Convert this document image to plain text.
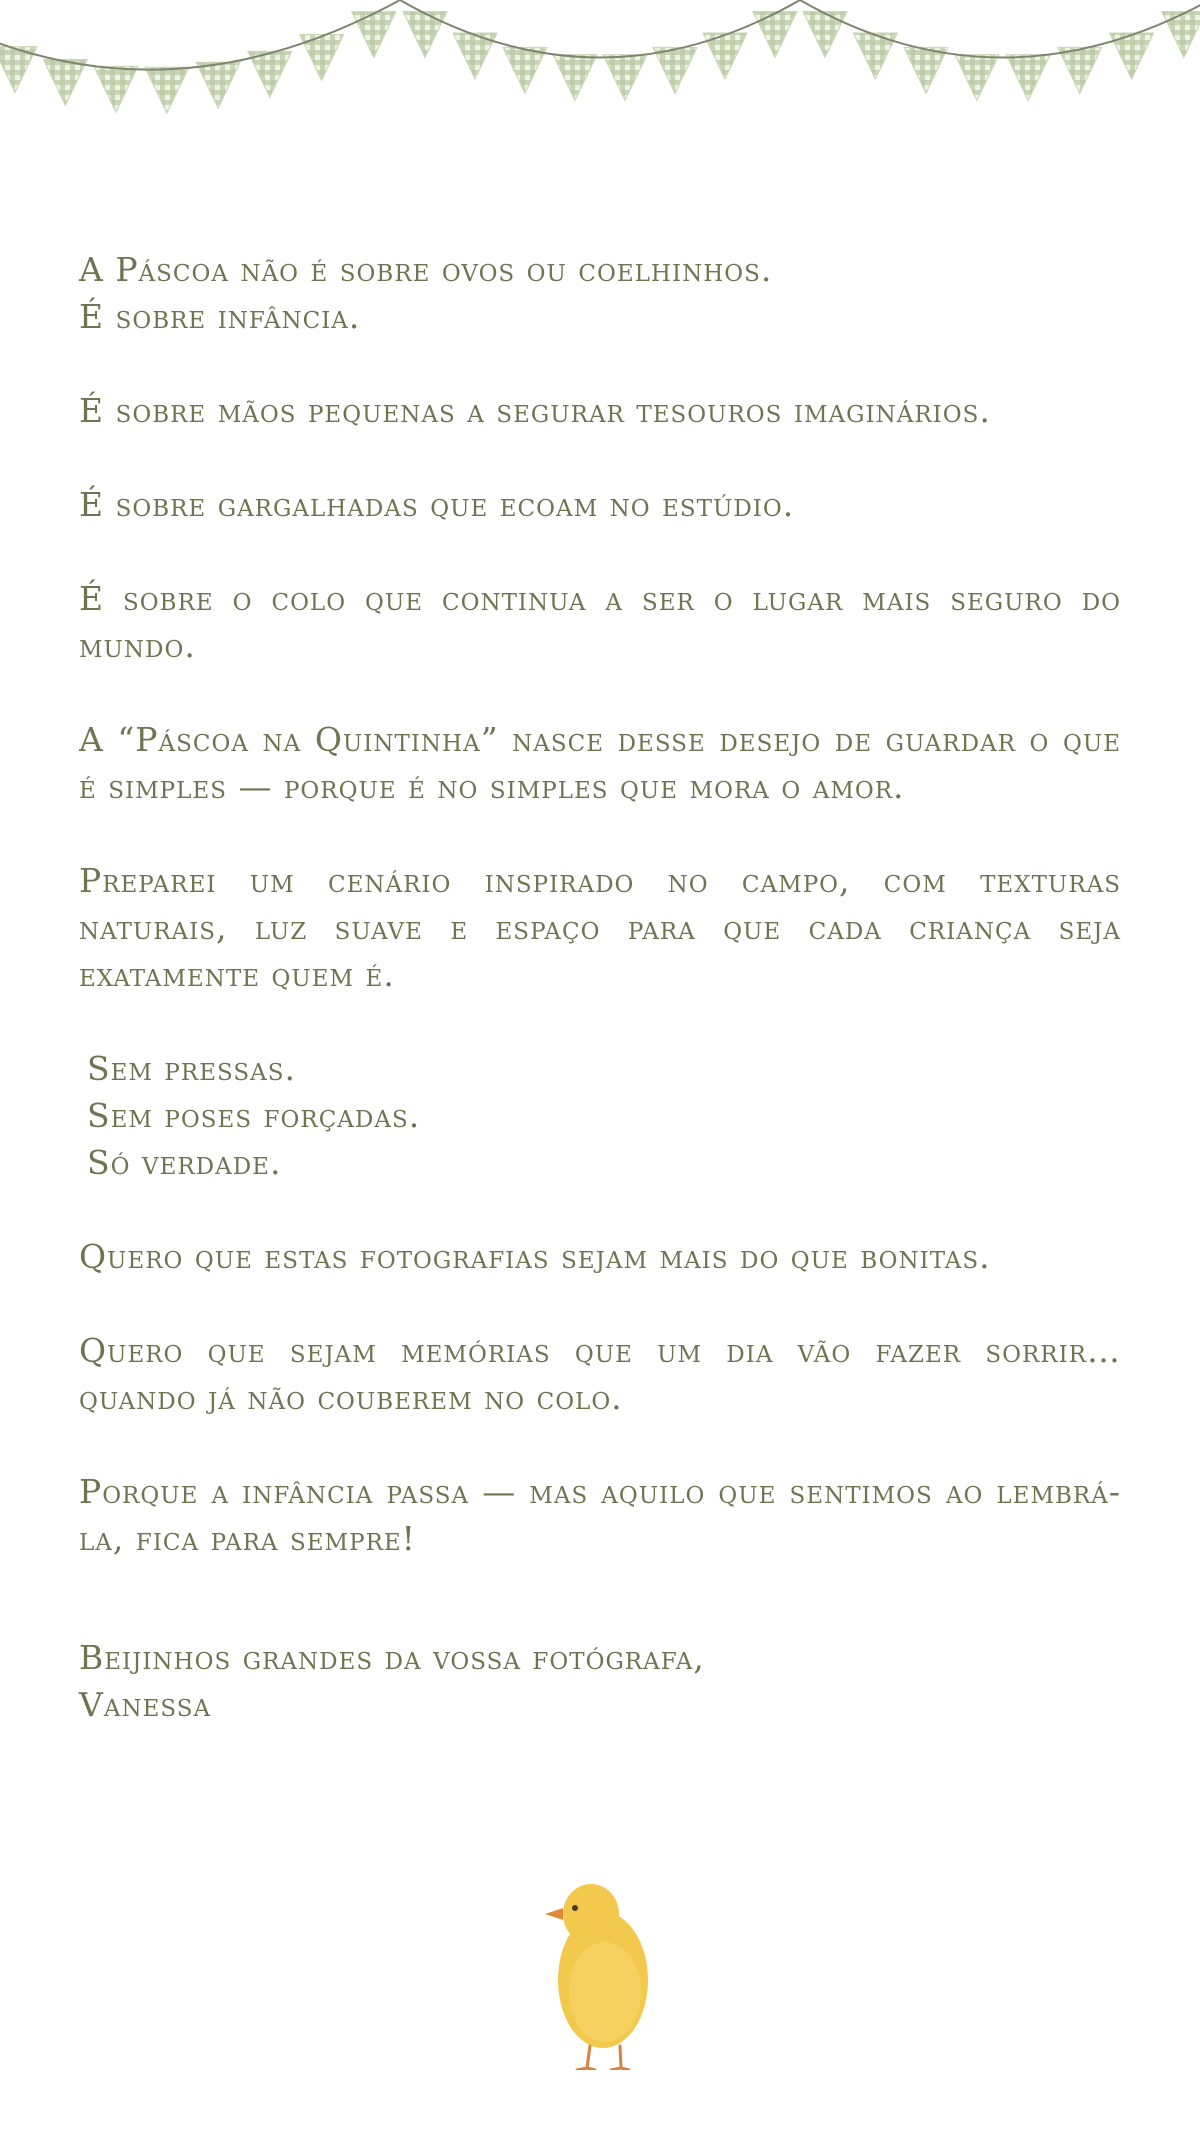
A Páscoa não é sobre ovos ou coelhinhos.
É sobre infância.
É sobre mãos pequenas a segurar tesouros imaginários.
É sobre gargalhadas que ecoam no estúdio.
É sobre o colo que continua a ser o lugar mais seguro do mundo.
A “Páscoa na Quintinha” nasce desse desejo de guardar o que é simples — porque é no simples que mora o amor.
Preparei um cenário inspirado no campo, com texturas naturais, luz suave e espaço para que cada criança seja exatamente quem é.
Sem pressas.
Sem poses forçadas.
Só verdade.
Quero que estas fotografias sejam mais do que bonitas.
Quero que sejam memórias que um dia vão fazer sorrir… quando já não couberem no colo.
Porque a infância passa — mas aquilo que sentimos ao lembrá-la, fica para sempre!
Beijinhos grandes da vossa fotógrafa,
Vanessa
